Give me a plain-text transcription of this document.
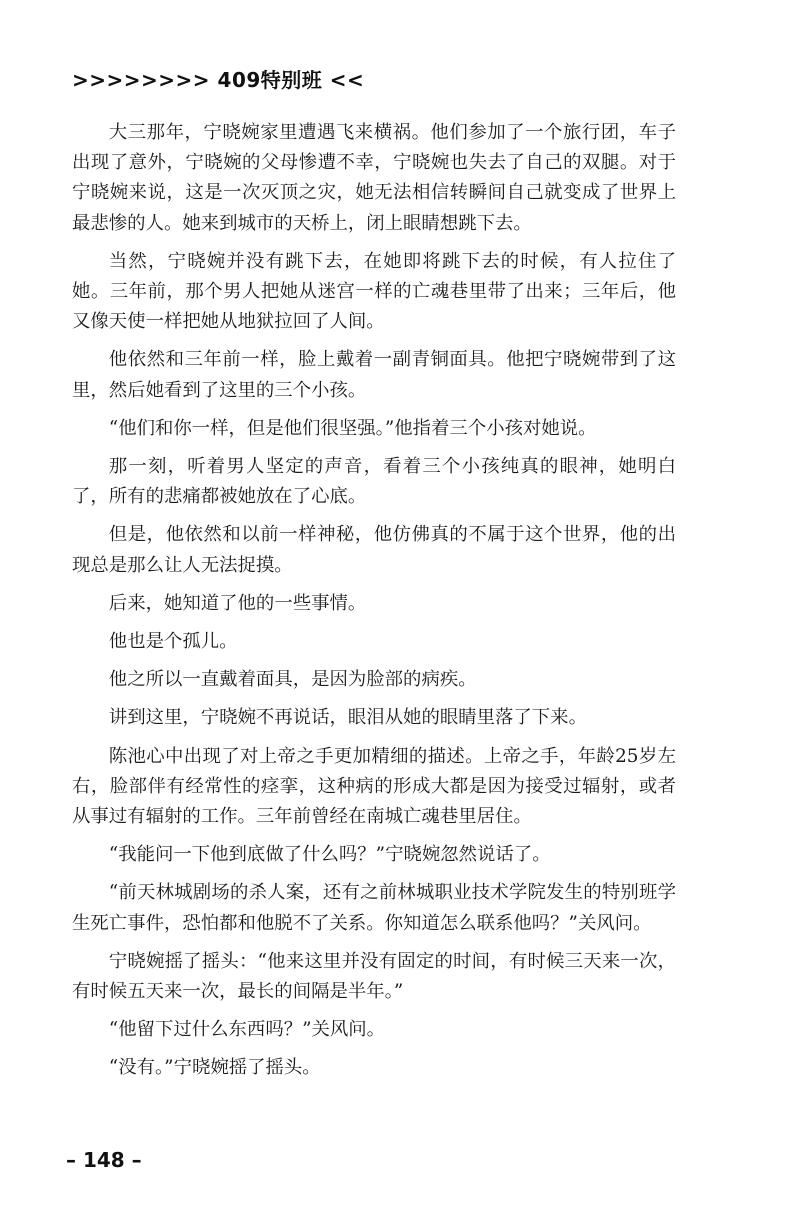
>>>>>>>> 409特别班 <<

大三那年，宁晓婉家里遭遇飞来横祸。他们参加了一个旅行团，车子出现了意外，宁晓婉的父母惨遭不幸，宁晓婉也失去了自己的双腿。对于宁晓婉来说，这是一次灭顶之灾，她无法相信转瞬间自己就变成了世界上最悲惨的人。她来到城市的天桥上，闭上眼睛想跳下去。

当然，宁晓婉并没有跳下去，在她即将跳下去的时候，有人拉住了她。三年前，那个男人把她从迷宫一样的亡魂巷里带了出来；三年后，他又像天使一样把她从地狱拉回了人间。

他依然和三年前一样，脸上戴着一副青铜面具。他把宁晓婉带到了这里，然后她看到了这里的三个小孩。

“他们和你一样，但是他们很坚强。”他指着三个小孩对她说。

那一刻，听着男人坚定的声音，看着三个小孩纯真的眼神，她明白了，所有的悲痛都被她放在了心底。

但是，他依然和以前一样神秘，他仿佛真的不属于这个世界，他的出现总是那么让人无法捉摸。

后来，她知道了他的一些事情。

他也是个孤儿。

他之所以一直戴着面具，是因为脸部的病疾。

讲到这里，宁晓婉不再说话，眼泪从她的眼睛里落了下来。

陈池心中出现了对上帝之手更加精细的描述。上帝之手，年龄25岁左右，脸部伴有经常性的痉挛，这种病的形成大都是因为接受过辐射，或者从事过有辐射的工作。三年前曾经在南城亡魂巷里居住。

“我能问一下他到底做了什么吗？”宁晓婉忽然说话了。

“前天林城剧场的杀人案，还有之前林城职业技术学院发生的特别班学生死亡事件，恐怕都和他脱不了关系。你知道怎么联系他吗？”关风问。

宁晓婉摇了摇头：“他来这里并没有固定的时间，有时候三天来一次，有时候五天来一次，最长的间隔是半年。”

“他留下过什么东西吗？”关风问。

“没有。”宁晓婉摇了摇头。

– 148 –
